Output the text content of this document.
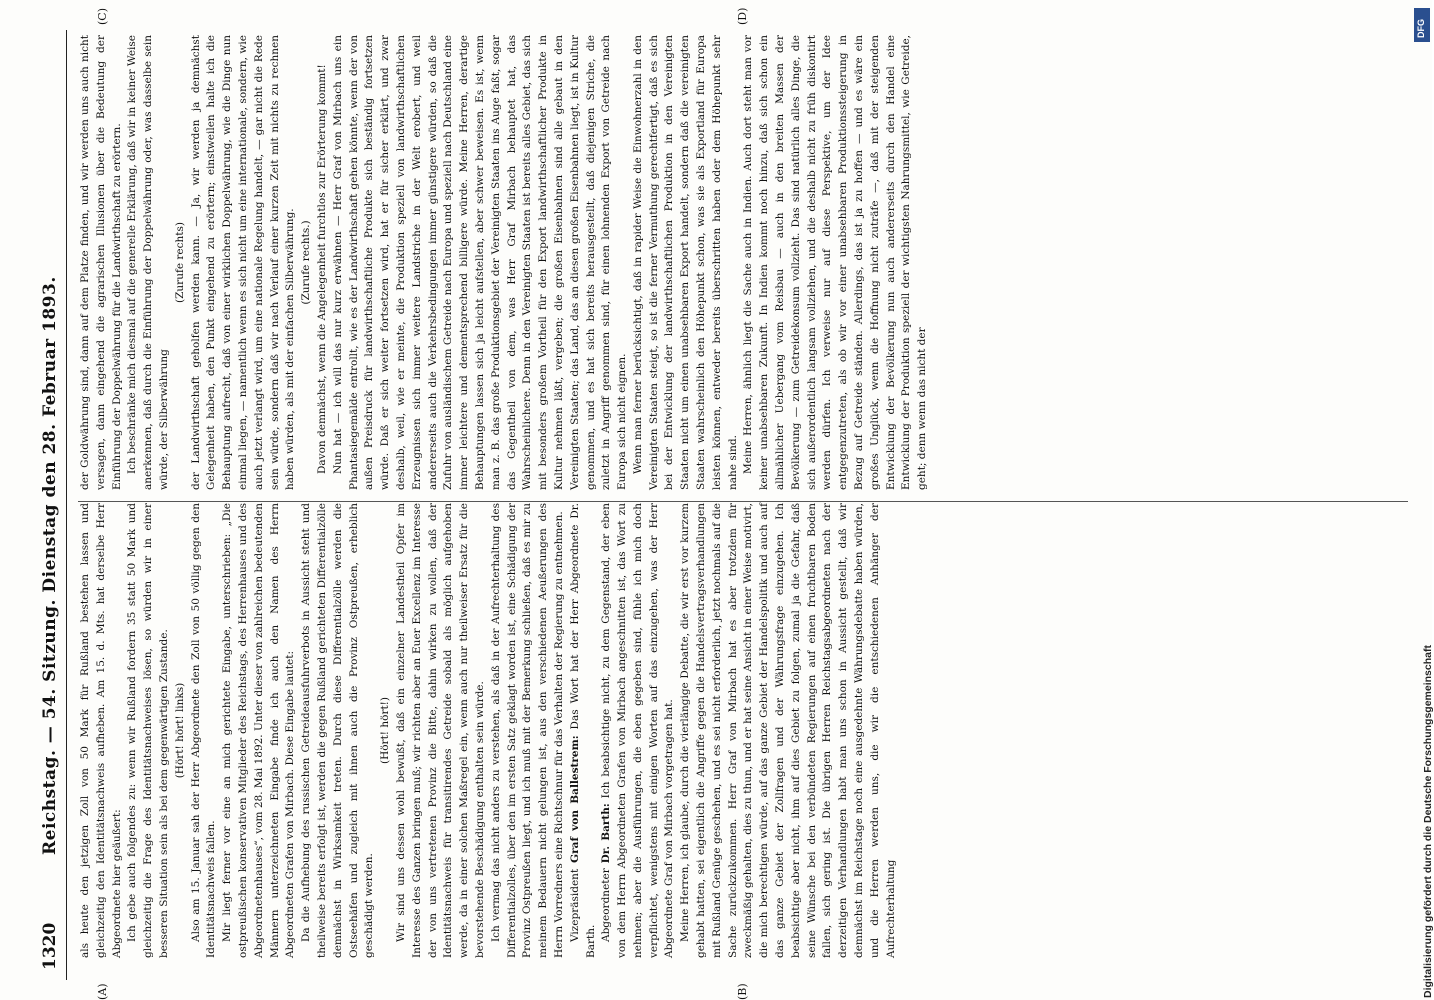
1320
Reichstag. — 54. Sitzung. Dienstag den 28. Februar 1893.
(A)	(B)
(C)	(D)

als heute den jetzigen Zoll von 50 Mark für Rußland bestehen lassen und gleichzeitig den Identitätsnachweis aufheben. Am 15. d. Mts. hat derselbe Herr Abgeordnete hier geäußert: Ich gebe auch folgendes zu: wenn wir Rußland fordern 35 statt 50 Mark und gleichzeitig die Frage des Identitätsnachweises lösen, so würden wir in einer besseren Situation sein als bei dem gegenwärtigen Zustande. (Hört! hört! links) Also am 15. Januar sah der Herr Abgeordnete den Zoll von 50 völlig gegen den Identitätsnachweis fallen. Mir liegt ferner vor eine an mich gerichtete Eingabe, unterschrieben: „Die ostpreußischen konservativen Mitglieder des Reichstags, des Herrenhauses und des Abgeordnetenhauses“, vom 28. Mai 1892. Unter dieser von zahlreichen bedeutenden Männern unterzeichneten Eingabe finde ich auch den Namen des Herrn Abgeordneten Grafen von Mirbach. Diese Eingabe lautet: Da die Aufhebung des russischen Getreideausfuhrverbots in Aussicht steht und theilweise bereits erfolgt ist, werden die gegen Rußland gerichteten Differentialzölle demnächst in Wirksamkeit treten. Durch diese Differentialzölle werden die Ostseehäfen und zugleich mit ihnen auch die Provinz Ostpreußen, erheblich geschädigt werden.

(Hört! hört!) Wir sind uns dessen wohl bewußt, daß ein einzelner Landestheil Opfer im Interesse des Ganzen bringen muß; wir richten aber an Euer Excellenz im Interesse der von uns vertretenen Provinz die Bitte, dahin wirken zu wollen, daß der Identitätsnachweis für transitirendes Getreide sobald als möglich aufgehoben werde, da in einer solchen Maßregel ein, wenn auch nur theilweiser Ersatz für die bevorstehende Beschädigung enthalten sein würde. Ich vermag das nicht anders zu verstehen, als daß in der Aufrechterhaltung des Differentialzolles, über den im ersten Satz geklagt worden ist, eine Schädigung der Provinz Ostpreußen liegt, und ich muß mit der Bemerkung schließen, daß es mir zu meinem Bedauern nicht gelungen ist, aus den verschiedenen Aeußerungen des Herrn Vorredners eine Richtschnur für das Verhalten der Regierung zu entnehmen. Vizepräsident Graf von Ballestrem: Das Wort hat der Herr Abgeordnete Dr. Barth. Abgeordneter Dr. Barth: Ich beabsichtige nicht, zu dem Gegenstand, der eben von dem Herrn Abgeordneten Grafen von Mirbach angeschnitten ist, das Wort zu nehmen; aber die Ausführungen, die eben gegeben sind, fühle ich mich doch verpflichtet, wenigstens mit einigen Worten auf das einzugehen, was der Herr Abgeordnete Graf von Mirbach vorgetragen hat. Meine Herren, ich glaube, durch die vierlängige Debatte, die wir erst vor kurzem gehabt hatten, sei eigentlich die Angriffe gegen die Handelsvertragsverhandlungen mit Rußland Genüge geschehen, und es sei nicht erforderlich, jetzt nochmals auf die Sache zurückzukommen. Herr Graf von Mirbach hat es aber trotzdem für zweckmäßig gehalten, dies zu thun, und er hat seine Ansicht in einer Weise motivirt, die mich berechtigen würde, auf das ganze Gebiet der Handelspolitik und auch auf das ganze Gebiet der Zollfragen und der Währungsfrage einzugehen. Ich beabsichtige aber nicht, ihm auf dies Gebiet zu folgen, zumal ja die Gefahr, daß seine Wünsche bei den verbündeten Regierungen auf einen fruchtbaren Boden fallen, sich gering ist. Die übrigen Herren Reichstagsabgeordneten nach der derzeitigen Verhandlungen habt man uns schon in Aussicht gestellt, daß wir demnächst im Reichstage noch eine ausgedehnte Währungsdebatte haben würden, und die Herren werden uns, die wir die entschiedenen Anhänger der Aufrechterhaltung

der Goldwährung sind, dann auf dem Platze finden, und wir werden uns auch nicht versagen, dann eingehend die agrarischen Illusionen über die Bedeutung der Einführung der Doppelwährung für die Landwirthschaft zu erörtern. Ich beschränke mich diesmal auf die generelle Erklärung, daß wir in keiner Weise anerkennen, daß durch die Einführung der Doppelwährung oder, was dasselbe sein würde, der Silberwährung

(Zurufe rechts) der Landwirthschaft geholfen werden kann. — Ja, wir werden ja demnächst Gelegenheit haben, den Punkt eingehend zu erörtern; einstweilen halte ich die Behauptung aufrecht, daß von einer wirklichen Doppelwährung, wie die Dinge nun einmal liegen, — namentlich wenn es sich nicht um eine internationale, sondern, wie auch jetzt verlangt wird, um eine nationale Regelung handelt, — gar nicht die Rede sein würde, sondern daß wir nach Verlauf einer kurzen Zeit mit nichts zu rechnen haben würden, als mit der einfachen Silberwährung. (Zurufe rechts.) Davon demnächst, wenn die Angelegenheit furchtlos zur Erörterung kommt! Nun hat — ich will das nur kurz erwähnen — Herr Graf von Mirbach uns ein Phantasiegemälde entrollt, wie es der Landwirthschaft gehen könnte, wenn der von außen Preisdruck für landwirthschaftliche Produkte sich beständig fortsetzen würde. Daß er sich weiter fortsetzen wird, hat er für sicher erklärt, und zwar deshalb, weil, wie er meinte, die Produktion speziell von landwirthschaftlichen Erzeugnissen sich immer weitere Landstriche in der Welt erobert, und weil andererseits auch die Verkehrsbedingungen immer günstigere würden, so daß die Zufuhr von ausländischem Getreide nach Europa und speziell nach Deutschland eine immer leichtere und dementsprechend billigere würde. Meine Herren, derartige Behauptungen lassen sich ja leicht aufstellen, aber schwer beweisen. Es ist, wenn man z. B. das große Produktionsgebiet der Vereinigten Staaten ins Auge faßt, sogar das Gegentheil von dem, was Herr Graf Mirbach behauptet hat, das Wahrscheinlichere. Denn in den Vereinigten Staaten ist bereits alles Gebiet, das sich mit besonders großem Vortheil für den Export landwirthschaftlicher Produkte in Kultur nehmen läßt, vergeben; die großen Eisenbahnen sind alle gebaut in den Vereinigten Staaten; das Land, das an diesen großen Eisenbahnen liegt, ist in Kultur genommen, und es hat sich bereits herausgestellt, daß diejenigen Striche, die zuletzt in Angriff genommen sind, für einen lohnenden Export von Getreide nach Europa sich nicht eignen. Wenn man ferner berücksichtigt, daß in rapider Weise die Einwohnerzahl in den Vereinigten Staaten steigt, so ist die ferner Vermuthung gerechtfertigt, daß es sich bei der Entwicklung der landwirthschaftlichen Produktion in den Vereinigten Staaten nicht um einen unabsehbaren Export handelt, sondern daß die vereinigten Staaten wahrscheinlich den Höhepunkt schon, was sie als Exportland für Europa leisten können, entweder bereits überschritten haben oder dem Höhepunkt sehr nahe sind. Meine Herren, ähnlich liegt die Sache auch in Indien. Auch dort steht man vor keiner unabsehbaren Zukunft. In Indien kommt noch hinzu, daß sich schon ein allmählicher Uebergang vom Reisbau — auch in den breiten Massen der Bevölkerung — zum Getreidekonsum vollzieht. Das sind natürlich alles Dinge, die sich außerordentlich langsam vollziehen, und die deshalb nicht zu früh diskontirt werden dürfen. Ich verweise nur auf diese Perspektive, um der Idee entgegenzutreten, als ob wir vor einer unabsehbaren Produktionssteigerung in Bezug auf Getreide ständen. Allerdings, das ist ja zu hoffen — und es wäre ein großes Unglück, wenn die Hoffnung nicht zuträfe —, daß mit der steigenden Entwicklung der Bevölkerung nun auch andererseits durch den Handel eine Entwicklung der Produktion speziell der wichtigsten Nahrungsmittel, wie Getreide, geht; denn wenn das nicht der

Digitalisierung gefördert durch die Deutsche Forschungsgemeinschaft
DFG
